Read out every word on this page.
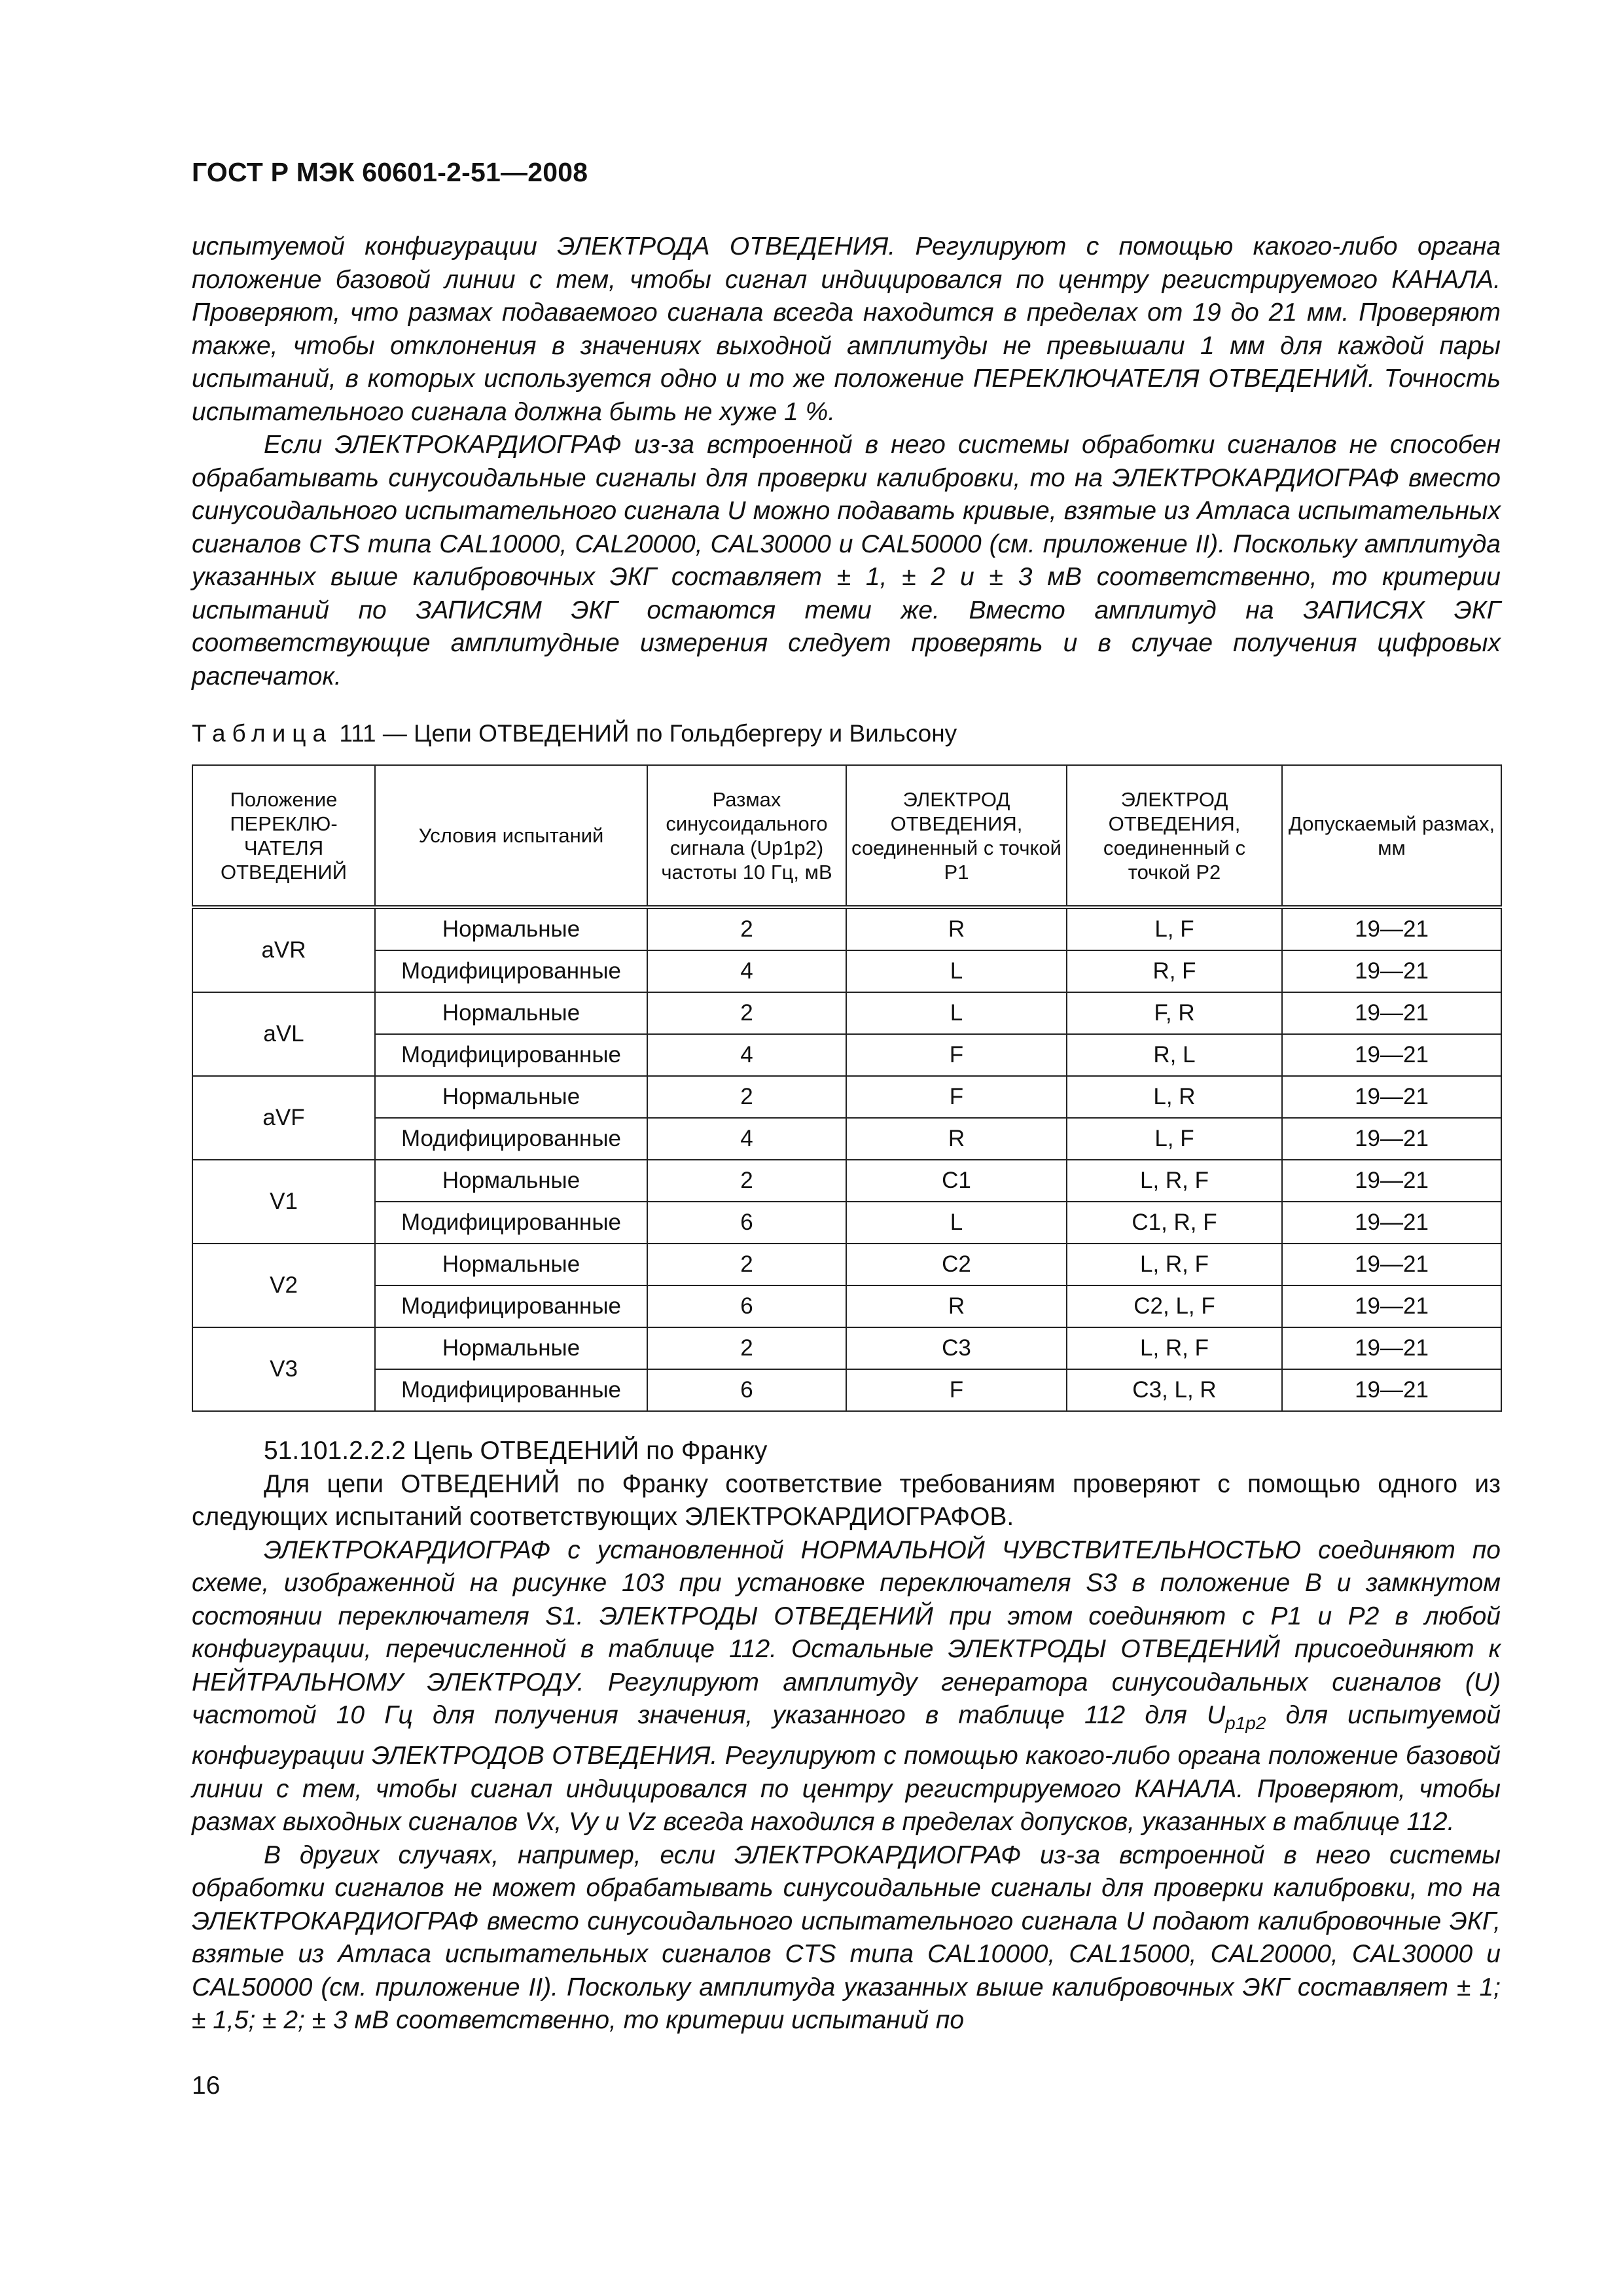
ГОСТ Р МЭК 60601-2-51—2008

испытуемой конфигурации ЭЛЕКТРОДА ОТВЕДЕНИЯ. Регулируют с помощью какого-либо органа положение базовой линии с тем, чтобы сигнал индицировался по центру регистрируемого КАНАЛА. Проверяют, что размах подаваемого сигнала всегда находится в пределах от 19 до 21 мм. Проверяют также, чтобы отклонения в значениях выходной амплитуды не превышали 1 мм для каждой пары испытаний, в которых используется одно и то же положение ПЕРЕКЛЮЧАТЕЛЯ ОТВЕДЕНИЙ. Точность испытательного сигнала должна быть не хуже 1 %.

Если ЭЛЕКТРОКАРДИОГРАФ из-за встроенной в него системы обработки сигналов не способен обрабатывать синусоидальные сигналы для проверки калибровки, то на ЭЛЕКТРОКАРДИОГРАФ вместо синусоидального испытательного сигнала U можно подавать кривые, взятые из Атласа испытательных сигналов CTS типа CAL10000, CAL20000, CAL30000 и CAL50000 (см. приложение II). Поскольку амплитуда указанных выше калибровочных ЭКГ составляет ± 1, ± 2 и ± 3 мВ соответственно, то критерии испытаний по ЗАПИСЯМ ЭКГ остаются теми же. Вместо амплитуд на ЗАПИСЯХ ЭКГ соответствующие амплитудные измерения следует проверять и в случае получения цифровых распечаток.

Таблица 111 — Цепи ОТВЕДЕНИЙ по Гольдбергеру и Вильсону
Положение ПЕРЕКЛЮ-ЧАТЕЛЯ ОТВЕДЕНИЙ	Условия испытаний	Размах синусоидального сигнала (Up1p2) частоты 10 Гц, мВ	ЭЛЕКТРОД ОТВЕДЕНИЯ, соединенный с точкой P1	ЭЛЕКТРОД ОТВЕДЕНИЯ, соединенный с точкой P2	Допускаемый размах, мм
aVR	Нормальные	2	R	L, F	19—21
	Модифицированные	4	L	R, F	19—21
aVL	Нормальные	2	L	F, R	19—21
	Модифицированные	4	F	R, L	19—21
aVF	Нормальные	2	F	L, R	19—21
	Модифицированные	4	R	L, F	19—21
V1	Нормальные	2	C1	L, R, F	19—21
	Модифицированные	6	L	C1, R, F	19—21
V2	Нормальные	2	C2	L, R, F	19—21
	Модифицированные	6	R	C2, L, F	19—21
V3	Нормальные	2	C3	L, R, F	19—21
	Модифицированные	6	F	C3, L, R	19—21

51.101.2.2.2 Цепь ОТВЕДЕНИЙ по Франку

Для цепи ОТВЕДЕНИЙ по Франку соответствие требованиям проверяют с помощью одного из следующих испытаний соответствующих ЭЛЕКТРОКАРДИОГРАФОВ.

ЭЛЕКТРОКАРДИОГРАФ с установленной НОРМАЛЬНОЙ ЧУВСТВИТЕЛЬНОСТЬЮ соединяют по схеме, изображенной на рисунке 103 при установке переключателя S3 в положение B и замкнутом состоянии переключателя S1. ЭЛЕКТРОДЫ ОТВЕДЕНИЙ при этом соединяют с P1 и P2 в любой конфигурации, перечисленной в таблице 112. Остальные ЭЛЕКТРОДЫ ОТВЕДЕНИЙ присоединяют к НЕЙТРАЛЬНОМУ ЭЛЕКТРОДУ. Регулируют амплитуду генератора синусоидальных сигналов (U) частотой 10 Гц для получения значения, указанного в таблице 112 для $U_{p1p2}$ для испытуемой конфигурации ЭЛЕКТРОДОВ ОТВЕДЕНИЯ. Регулируют с помощью какого-либо органа положение базовой линии с тем, чтобы сигнал индицировался по центру регистрируемого КАНАЛА. Проверяют, чтобы размах выходных сигналов Vx, Vy и Vz всегда находился в пределах допусков, указанных в таблице 112.

В других случаях, например, если ЭЛЕКТРОКАРДИОГРАФ из-за встроенной в него системы обработки сигналов не может обрабатывать синусоидальные сигналы для проверки калибровки, то на ЭЛЕКТРОКАРДИОГРАФ вместо синусоидального испытательного сигнала U подают калибровочные ЭКГ, взятые из Атласа испытательных сигналов CTS типа CAL10000, CAL15000, CAL20000, CAL30000 и CAL50000 (см. приложение II). Поскольку амплитуда указанных выше калибровочных ЭКГ составляет ± 1; ± 1,5; ± 2; ± 3 мВ соответственно, то критерии испытаний по

16
